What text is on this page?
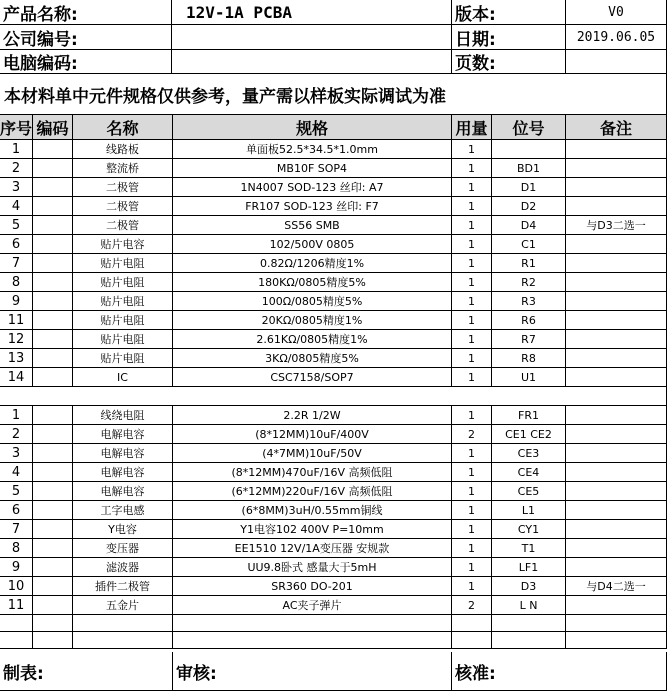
产品名称:	12V-1A PCBA	版本:	V0
公司编号:	日期:	2019.06.05
电脑编码:	页数:
本材料单中元件规格仅供参考，量产需以样板实际调试为准
序号 编码	名称	规格	用量	位号	备注
1	线路板	单面板52.5*34.5*1.0mm	1
2	整流桥	MB10F SOP4	1	BD1
3	二极管	1N4007 SOD-123 丝印: A7	1	D1
4	二极管	FR107 SOD-123 丝印: F7	1	D2
5	二极管	SS56 SMB	1	D4	与D3二选一
6	贴片电容	102/500V 0805	1	C1
7	贴片电阻	0.82Ω/1206精度1%	1	R1
8	贴片电阻	180KΩ/0805精度5%	1	R2
9	贴片电阻	100Ω/0805精度5%	1	R3
11	贴片电阻	20KΩ/0805精度1%	1	R6
12	贴片电阻	2.61KΩ/0805精度1%	1	R7
13	贴片电阻	3KΩ/0805精度5%	1	R8
14	IC	CSC7158/SOP7	1	U1
1	线绕电阻	2.2R 1/2W	1	FR1
2	电解电容	(8*12MM)10uF/400V	2	CE1 CE2
3	电解电容	(4*7MM)10uF/50V	1	CE3
4	电解电容	(8*12MM)470uF/16V 高频低阻	1	CE4
5	电解电容	(6*12MM)220uF/16V 高频低阻	1	CE5
6	工字电感	(6*8MM)3uH/0.55mm铜线	1	L1
7	Y电容	Y1电容102 400V P=10mm	1	CY1
8	变压器	EE1510 12V/1A变压器 安规款	1	T1
9	滤波器	UU9.8卧式 感量大于5mH	1	LF1
10	插件二极管	SR360 DO-201	1	D3	与D4二选一
11	五金片	AC夹子弹片	2	L N
制表:	审核:	核准:
